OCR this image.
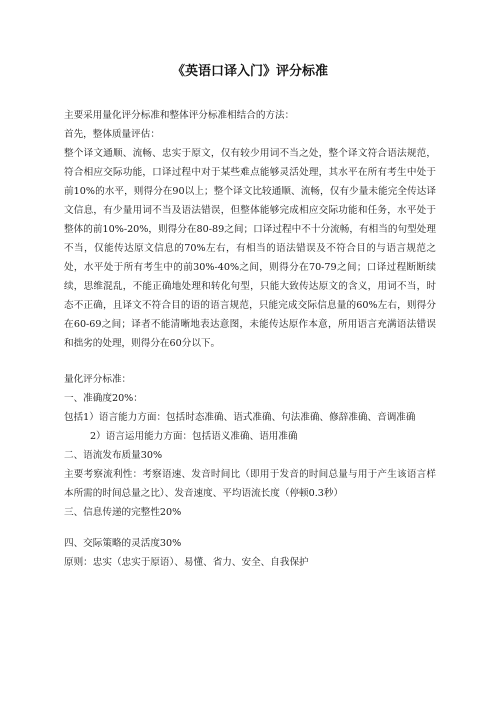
《英语口译入门》评分标准

主要采用量化评分标准和整体评分标准相结合的方法：

首先，整体质量评估：

整个译文通顺、流畅、忠实于原文，仅有较少用词不当之处，整个译文符合语法规范，符合相应交际功能，口译过程中对于某些难点能够灵活处理，其水平在所有考生中处于前10%的水平，则得分在90以上；整个译文比较通顺、流畅，仅有少量未能完全传达译文信息，有少量用词不当及语法错误，但整体能够完成相应交际功能和任务，水平处于整体的前10%-20%，则得分在80-89之间；口译过程中不十分流畅，有相当的句型处理不当，仅能传达原文信息的70%左右，有相当的语法错误及不符合目的与语言规范之处，水平处于所有考生中的前30%-40%之间，则得分在70-79之间；口译过程断断续续，思维混乱，不能正确地处理和转化句型，只能大致传达原文的含义，用词不当，时态不正确，且译文不符合目的语的语言规范，只能完成交际信息量的60%左右，则得分在60-69之间；译者不能清晰地表达意图，未能传达原作本意，所用语言充满语法错误和拙劣的处理，则得分在60分以下。

量化评分标准：

一、准确度20%：

包括1）语言能力方面：包括时态准确、语式准确、句法准确、修辞准确、音调准确

2）语言运用能力方面：包括语义准确、语用准确

二、语流发布质量30%

主要考察流利性：考察语速、发音时间比（即用于发音的时间总量与用于产生该语言样本所需的时间总量之比）、发音速度、平均语流长度（停顿0.3秒）

三、信息传递的完整性20%

四、交际策略的灵活度30%

原则：忠实（忠实于原语）、易懂、省力、安全、自我保护
